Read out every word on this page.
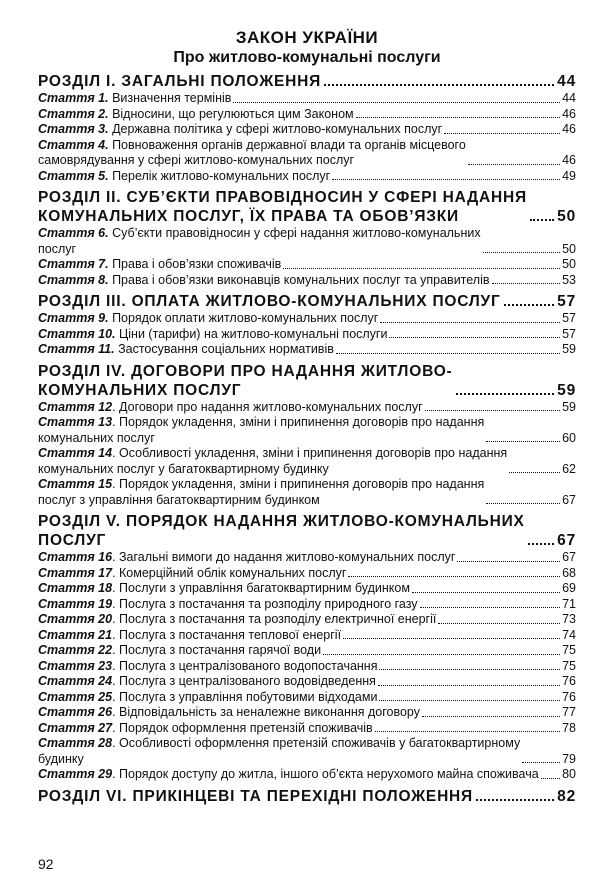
ЗАКОН УКРАЇНИ
Про житлово-комунальні послуги
РОЗДІЛ І. ЗАГАЛЬНІ ПОЛОЖЕННЯ	44
Стаття 1. Визначення термінів	44
Стаття 2. Відносини, що регулюються цим Законом	46
Стаття 3. Державна політика у сфері житлово-комунальних послуг	46
Стаття 4. Повноваження органів державної влади та органів місцевого
самоврядування у сфері житлово-комунальних послуг	46
Стаття 5. Перелік житлово-комунальних послуг	49
РОЗДІЛ ІІ. СУБ’ЄКТИ ПРАВОВІДНОСИН У СФЕРІ НАДАННЯ
КОМУНАЛЬНИХ ПОСЛУГ, ЇХ ПРАВА ТА ОБОВ’ЯЗКИ	50
Стаття 6. Суб’єкти правовідносин у сфері надання житлово-комунальних
послуг	50
Стаття 7. Права і обов’язки споживачів	50
Стаття 8. Права і обов’язки виконавців комунальних послуг та управителів	53
РОЗДІЛ ІІІ. ОПЛАТА ЖИТЛОВО-КОМУНАЛЬНИХ ПОСЛУГ	57
Стаття 9. Порядок оплати житлово-комунальних послуг	57
Стаття 10. Ціни (тарифи) на житлово-комунальні послуги	57
Стаття 11. Застосування соціальних нормативів	59
РОЗДІЛ IV. ДОГОВОРИ ПРО НАДАННЯ ЖИТЛОВО-
КОМУНАЛЬНИХ ПОСЛУГ	59
Стаття 12. Договори про надання житлово-комунальних послуг	59
Стаття 13. Порядок укладення, зміни і припинення договорів про надання
комунальних послуг	60
Стаття 14. Особливості укладення, зміни і припинення договорів про надання
комунальних послуг у багатоквартирному будинку	62
Стаття 15. Порядок укладення, зміни і припинення договорів про надання
послуг з управління багатоквартирним будинком	67
РОЗДІЛ V. ПОРЯДОК НАДАННЯ ЖИТЛОВО-КОМУНАЛЬНИХ
ПОСЛУГ	67
Стаття 16. Загальні вимоги до надання житлово-комунальних послуг	67
Стаття 17. Комерційний облік комунальних послуг	68
Стаття 18. Послуги з управління багатоквартирним будинком	69
Стаття 19. Послуга з постачання та розподілу природного газу	71
Стаття 20. Послуга з постачання та розподілу електричної енергії	73
Стаття 21. Послуга з постачання теплової енергії	74
Стаття 22. Послуга з постачання гарячої води	75
Стаття 23. Послуга з централізованого водопостачання	75
Стаття 24. Послуга з централізованого водовідведення	76
Стаття 25. Послуга з управління побутовими відходами	76
Стаття 26. Відповідальність за неналежне виконання договору	77
Стаття 27. Порядок оформлення претензій споживачів	78
Стаття 28. Особливості оформлення претензій споживачів у багатоквартирному
будинку	79
Стаття 29. Порядок доступу до житла, іншого об’єкта нерухомого майна споживача 80
РОЗДІЛ VI. ПРИКІНЦЕВІ ТА ПЕРЕХІДНІ ПОЛОЖЕННЯ	82
92
